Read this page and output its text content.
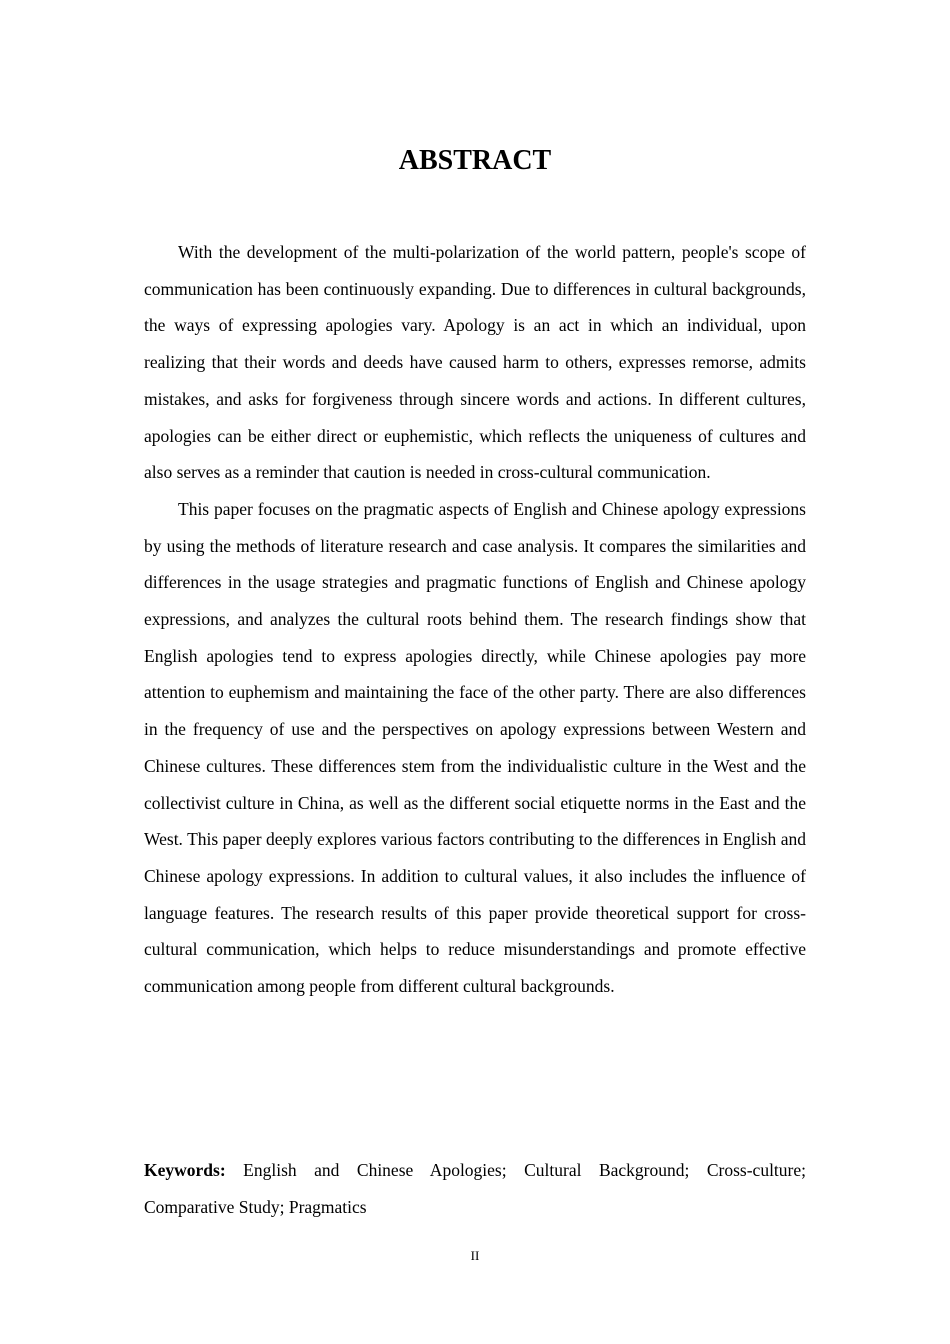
ABSTRACT

With the development of the multi-polarization of the world pattern, people's scope of communication has been continuously expanding. Due to differences in cultural backgrounds, the ways of expressing apologies vary. Apology is an act in which an individual, upon realizing that their words and deeds have caused harm to others, expresses remorse, admits mistakes, and asks for forgiveness through sincere words and actions. In different cultures, apologies can be either direct or euphemistic, which reflects the uniqueness of cultures and also serves as a reminder that caution is needed in cross-cultural communication.

This paper focuses on the pragmatic aspects of English and Chinese apology expressions by using the methods of literature research and case analysis. It compares the similarities and differences in the usage strategies and pragmatic functions of English and Chinese apology expressions, and analyzes the cultural roots behind them. The research findings show that English apologies tend to express apologies directly, while Chinese apologies pay more attention to euphemism and maintaining the face of the other party. There are also differences in the frequency of use and the perspectives on apology expressions between Western and Chinese cultures. These differences stem from the individualistic culture in the West and the collectivist culture in China, as well as the different social etiquette norms in the East and the West. This paper deeply explores various factors contributing to the differences in English and Chinese apology expressions. In addition to cultural values, it also includes the influence of language features. The research results of this paper provide theoretical support for cross-cultural communication, which helps to reduce misunderstandings and promote effective communication among people from different cultural backgrounds.

Keywords: English and Chinese Apologies; Cultural Background; Cross-culture; Comparative Study; Pragmatics

II
